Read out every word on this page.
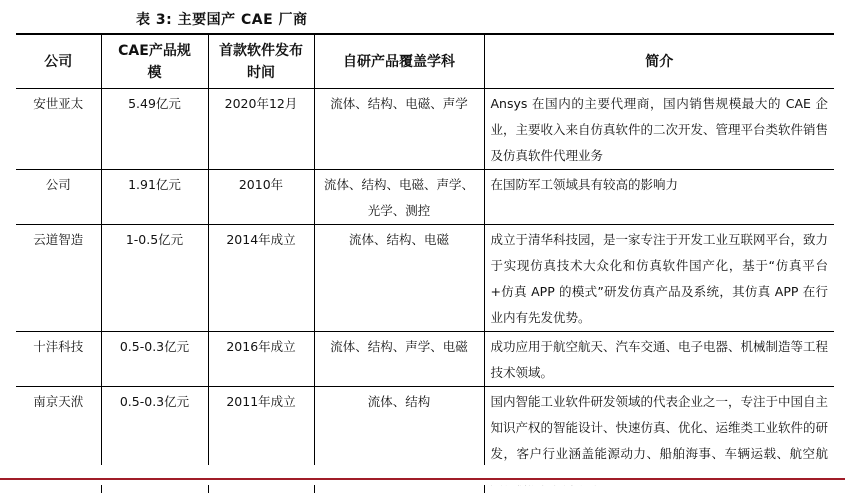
表 3: 主要国产 CAE 厂商
公司	CAE产品规模	首款软件发布时间	自研产品覆盖学科	简介

安世亚太	5.49亿元	2020年12月	流体、结构、电磁、声学	Ansys 在国内的主要代理商，国内销售规模最大的 CAE 企业，主要收入来自仿真软件的二次开发、管理平台类软件销售及仿真软件代理业务

公司	1.91亿元	2010年	流体、结构、电磁、声学、光学、测控	在国防军工领域具有较高的影响力

云道智造	1-0.5亿元	2014年成立	流体、结构、电磁	成立于清华科技园，是一家专注于开发工业互联网平台，致力于实现仿真技术大众化和仿真软件国产化，基于“仿真平台+仿真 APP 的模式”研发仿真产品及系统，其仿真 APP 在行业内有先发优势。

十沣科技	0.5-0.3亿元	2016年成立	流体、结构、声学、电磁	成功应用于航空航天、汽车交通、电子电器、机械制造等工程技术领域。

南京天洑	0.5-0.3亿元	2011年成立	流体、结构	国内智能工业软件研发领域的代表企业之一，专注于中国自主知识产权的智能设计、快速仿真、优化、运维类工业软件的研发，客户行业涵盖能源动力、船舶海事、车辆运载、航空航
